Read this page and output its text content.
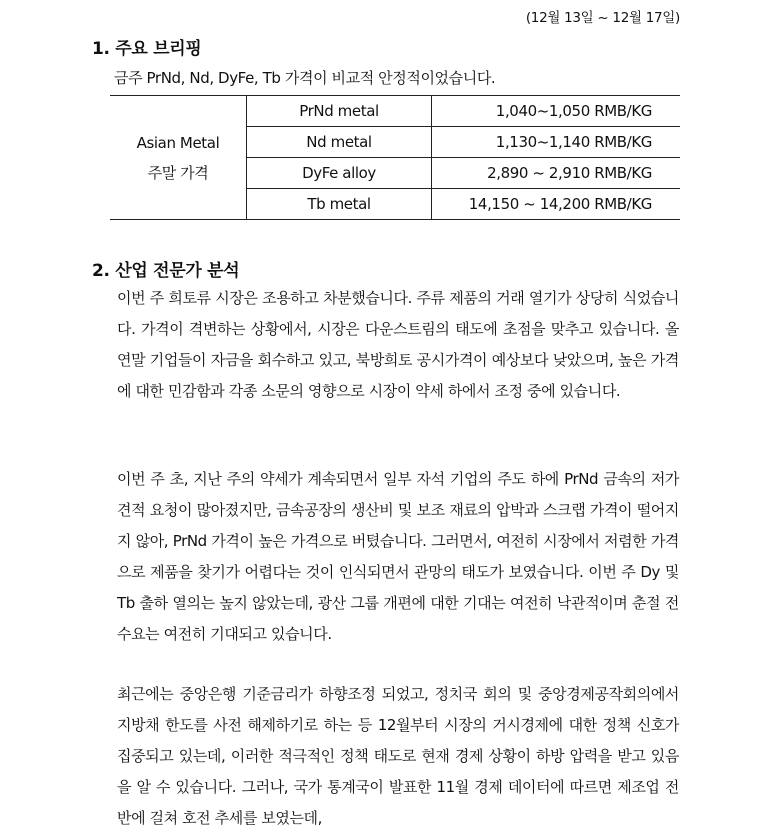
(12월 13일 ~ 12월 17일)
1. 주요 브리핑
금주 PrNd, Nd, DyFe, Tb 가격이 비교적 안정적이었습니다.
Asian Metal
주말 가격	PrNd metal	1,040~1,050 RMB/KG
	Nd metal	1,130~1,140 RMB/KG
	DyFe alloy	2,890 ~ 2,910 RMB/KG
	Tb metal	14,150 ~ 14,200 RMB/KG
2. 산업 전문가 분석

이번 주 희토류 시장은 조용하고 차분했습니다. 주류 제품의 거래 열기가 상당히 식었습니다. 가격이 격변하는 상황에서, 시장은 다운스트림의 태도에 초점을 맞추고 있습니다. 올 연말 기업들이 자금을 회수하고 있고, 북방희토 공시가격이 예상보다 낮았으며, 높은 가격에 대한 민감함과 각종 소문의 영향으로 시장이 약세 하에서 조정 중에 있습니다.

이번 주 초, 지난 주의 약세가 계속되면서 일부 자석 기업의 주도 하에 PrNd 금속의 저가 견적 요청이 많아졌지만, 금속공장의 생산비 및 보조 재료의 압박과 스크랩 가격이 떨어지지 않아, PrNd 가격이 높은 가격으로 버텼습니다. 그러면서, 여전히 시장에서 저렴한 가격으로 제품을 찾기가 어렵다는 것이 인식되면서 관망의 태도가 보였습니다. 이번 주 Dy 및 Tb 출하 열의는 높지 않았는데, 광산 그룹 개편에 대한 기대는 여전히 낙관적이며 춘절 전 수요는 여전히 기대되고 있습니다.

최근에는 중앙은행 기준금리가 하향조정 되었고, 정치국 회의 및 중앙경제공작회의에서 지방채 한도를 사전 해제하기로 하는 등 12월부터 시장의 거시경제에 대한 정책 신호가 집중되고 있는데, 이러한 적극적인 정책 태도로 현재 경제 상황이 하방 압력을 받고 있음을 알 수 있습니다. 그러나, 국가 통계국이 발표한 11월 경제 데이터에 따르면 제조업 전반에 걸쳐 호전 추세를 보였는데,
